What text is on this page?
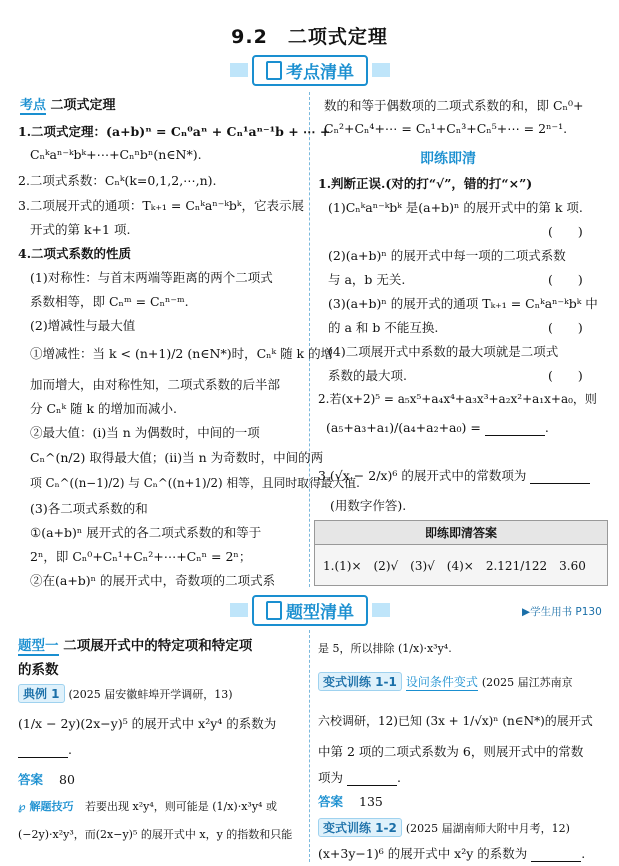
9.2　二项式定理
考点清单
考点 二项式定理
1.二项式定理：(a+b)ⁿ = Cₙ⁰aⁿ + Cₙ¹aⁿ⁻¹b + ⋯ +
Cₙᵏaⁿ⁻ᵏbᵏ+⋯+Cₙⁿbⁿ(n∈N*).
2.二项式系数：Cₙᵏ(k=0,1,2,⋯,n).
3.二项展开式的通项：Tₖ₊₁ = Cₙᵏaⁿ⁻ᵏbᵏ，它表示展
开式的第 k+1 项.
4.二项式系数的性质
(1)对称性：与首末两端等距离的两个二项式
系数相等，即 Cₙᵐ = Cₙⁿ⁻ᵐ.
(2)增减性与最大值
①增减性：当 k < (n+1)/2 (n∈N*)时，Cₙᵏ 随 k 的增
加而增大，由对称性知，二项式系数的后半部
分 Cₙᵏ 随 k 的增加而减小.
②最大值：(ⅰ)当 n 为偶数时，中间的一项
Cₙ^(n/2) 取得最大值；(ⅱ)当 n 为奇数时，中间的两
项 Cₙ^((n−1)/2) 与 Cₙ^((n+1)/2) 相等，且同时取得最大值.
(3)各二项式系数的和
①(a+b)ⁿ 展开式的各二项式系数的和等于
2ⁿ，即 Cₙ⁰+Cₙ¹+Cₙ²+⋯+Cₙⁿ = 2ⁿ；
②在(a+b)ⁿ 的展开式中，奇数项的二项式系
数的和等于偶数项的二项式系数的和，即 Cₙ⁰+
Cₙ²+Cₙ⁴+⋯ = Cₙ¹+Cₙ³+Cₙ⁵+⋯ = 2ⁿ⁻¹.
即练即清
1.判断正误.(对的打“√”，错的打“×”)
(1)Cₙᵏaⁿ⁻ᵏbᵏ 是(a+b)ⁿ 的展开式中的第 k 项.
(　　)
(2)(a+b)ⁿ 的展开式中每一项的二项式系数
与 a，b 无关.	(　　)
(3)(a+b)ⁿ 的展开式的通项 Tₖ₊₁ = Cₙᵏaⁿ⁻ᵏbᵏ 中
的 a 和 b 不能互换.	(　　)
(4)二项展开式中系数的最大项就是二项式
系数的最大项.	(　　)
2.若(x+2)⁵ = a₅x⁵+a₄x⁴+a₃x³+a₂x²+a₁x+a₀，则
(a₅+a₃+a₁)/(a₄+a₂+a₀) =	.
3.(√x − 2/x)⁶ 的展开式中的常数项为
(用数字作答).
即练即清答案
1.(1)×　(2)√　(3)√　(4)×　2.121/122　3.60
题型清单	▶学生用书 P130
题型一 二项展开式中的特定项和特定项
的系数
典例 1 (2025 届安徽蚌埠开学调研，13)
(1/x − 2y)(2x−y)⁵ 的展开式中 x²y⁴ 的系数为
.
答案 80
℘ 解题技巧 若要出现 x²y⁴，则可能是 (1/x)·x³y⁴ 或
(−2y)·x²y³，而(2x−y)⁵ 的展开式中 x，y 的指数和只能
是 5，所以排除 (1/x)·x³y⁴.
变式训练 1-1 设问条件变式 (2025 届江苏南京
六校调研，12)已知 (3x + 1/√x)ⁿ (n∈N*)的展开式
中第 2 项的二项式系数为 6，则展开式中的常数
项为	.
答案 135
变式训练 1-2 (2025 届湖南师大附中月考，12)
(x+3y−1)⁶ 的展开式中 x²y 的系数为	.
